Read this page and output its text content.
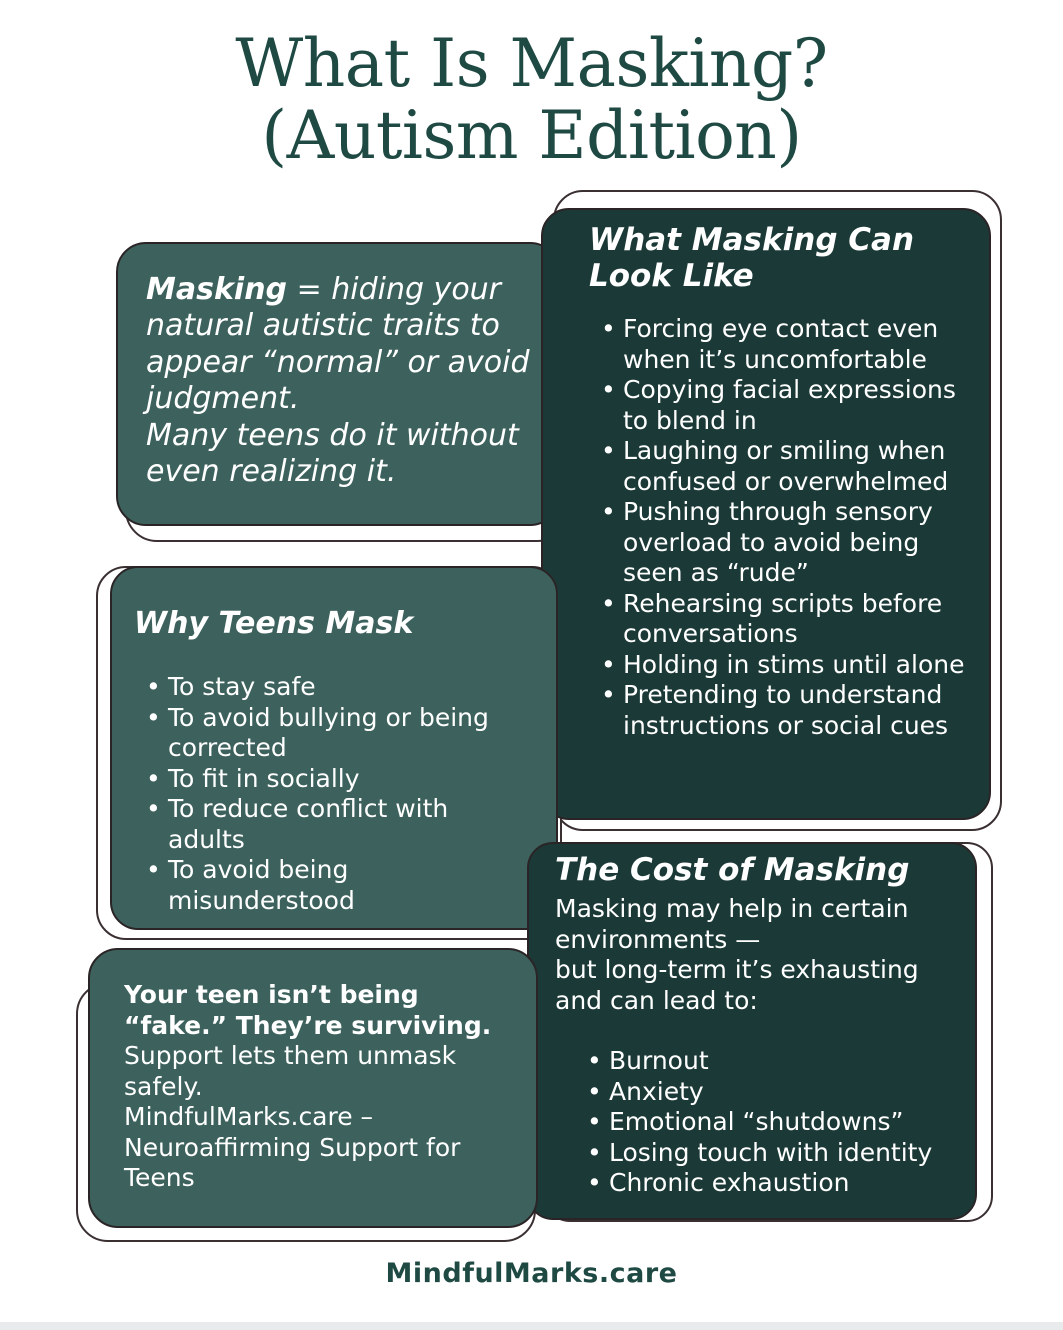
What Is Masking?
(Autism Edition)
Masking = hiding your natural autistic traits to appear “normal” or avoid judgment.
Many teens do it without even realizing it.
What Masking Can
Look Like
• Forcing eye contact even when it’s uncomfortable
• Copying facial expressions to blend in
• Laughing or smiling when confused or overwhelmed
• Pushing through sensory overload to avoid being seen as “rude”
• Rehearsing scripts before conversations
• Holding in stims until alone
• Pretending to understand instructions or social cues
Why Teens Mask
• To stay safe
• To avoid bullying or being corrected
• To fit in socially
• To reduce conflict with adults
• To avoid being misunderstood
The Cost of Masking
Masking may help in certain environments —
but long-term it’s exhausting and can lead to:
• Burnout
• Anxiety
• Emotional “shutdowns”
• Losing touch with identity
• Chronic exhaustion
Your teen isn’t being
“fake.” They’re surviving.
Support lets them unmask safely.
MindfulMarks.care – Neuroaffirming Support for Teens
MindfulMarks.care
